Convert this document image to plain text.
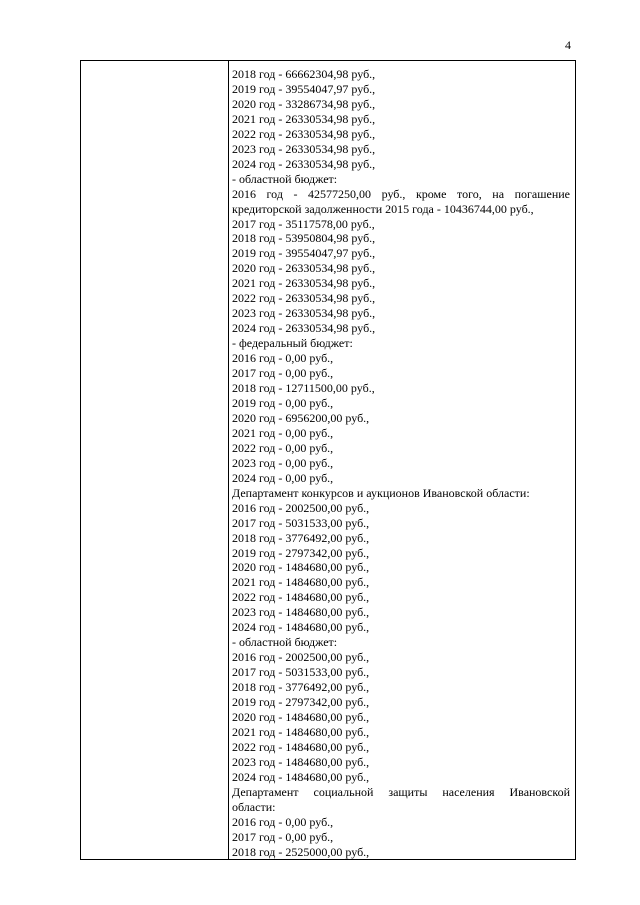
4
2018 год - 66662304,98 руб.,
2019 год - 39554047,97 руб.,
2020 год - 33286734,98 руб.,
2021 год - 26330534,98 руб.,
2022 год - 26330534,98 руб.,
2023 год - 26330534,98 руб.,
2024 год - 26330534,98 руб.,
- областной бюджет:
2016 год - 42577250,00 руб., кроме того, на погашение
кредиторской задолженности 2015 года - 10436744,00 руб.,
2017 год - 35117578,00 руб.,
2018 год - 53950804,98 руб.,
2019 год - 39554047,97 руб.,
2020 год - 26330534,98 руб.,
2021 год - 26330534,98 руб.,
2022 год - 26330534,98 руб.,
2023 год - 26330534,98 руб.,
2024 год - 26330534,98 руб.,
- федеральный бюджет:
2016 год - 0,00 руб.,
2017 год - 0,00 руб.,
2018 год - 12711500,00 руб.,
2019 год - 0,00 руб.,
2020 год - 6956200,00 руб.,
2021 год - 0,00 руб.,
2022 год - 0,00 руб.,
2023 год - 0,00 руб.,
2024 год - 0,00 руб.,
Департамент конкурсов и аукционов Ивановской области:
2016 год - 2002500,00 руб.,
2017 год - 5031533,00 руб.,
2018 год - 3776492,00 руб.,
2019 год - 2797342,00 руб.,
2020 год - 1484680,00 руб.,
2021 год - 1484680,00 руб.,
2022 год - 1484680,00 руб.,
2023 год - 1484680,00 руб.,
2024 год - 1484680,00 руб.,
- областной бюджет:
2016 год - 2002500,00 руб.,
2017 год - 5031533,00 руб.,
2018 год - 3776492,00 руб.,
2019 год - 2797342,00 руб.,
2020 год - 1484680,00 руб.,
2021 год - 1484680,00 руб.,
2022 год - 1484680,00 руб.,
2023 год - 1484680,00 руб.,
2024 год - 1484680,00 руб.,
Департамент социальной защиты населения Ивановской
области:
2016 год - 0,00 руб.,
2017 год - 0,00 руб.,
2018 год - 2525000,00 руб.,
